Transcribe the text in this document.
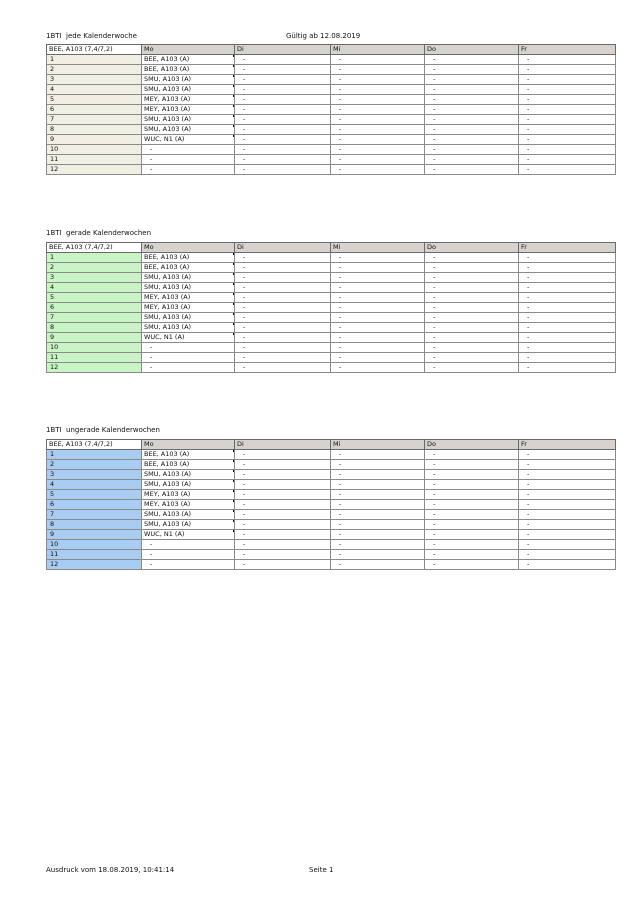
1BTI  jede Kalenderwoche	Gültig ab 12.08.2019
BEE, A103 (7,4/7,2)	Mo	Di	Mi	Do	Fr
1	BEE, A103 (A)	-	-	-	-
2	BEE, A103 (A)	-	-	-	-
3	SMU, A103 (A)	-	-	-	-
4	SMU, A103 (A)	-	-	-	-
5	MEY, A103 (A)	-	-	-	-
6	MEY, A103 (A)	-	-	-	-
7	SMU, A103 (A)	-	-	-	-
8	SMU, A103 (A)	-	-	-	-
9	WUC, N1 (A)	-	-	-	-
10	-	-	-	-	-
11	-	-	-	-	-
12	-	-	-	-	-
1BTI  gerade Kalenderwochen
BEE, A103 (7,4/7,2)	Mo	Di	Mi	Do	Fr
1	BEE, A103 (A)	-	-	-	-
2	BEE, A103 (A)	-	-	-	-
3	SMU, A103 (A)	-	-	-	-
4	SMU, A103 (A)	-	-	-	-
5	MEY, A103 (A)	-	-	-	-
6	MEY, A103 (A)	-	-	-	-
7	SMU, A103 (A)	-	-	-	-
8	SMU, A103 (A)	-	-	-	-
9	WUC, N1 (A)	-	-	-	-
10	-	-	-	-	-
11	-	-	-	-	-
12	-	-	-	-	-
1BTI  ungerade Kalenderwochen
BEE, A103 (7,4/7,2)	Mo	Di	Mi	Do	Fr
1	BEE, A103 (A)	-	-	-	-
2	BEE, A103 (A)	-	-	-	-
3	SMU, A103 (A)	-	-	-	-
4	SMU, A103 (A)	-	-	-	-
5	MEY, A103 (A)	-	-	-	-
6	MEY, A103 (A)	-	-	-	-
7	SMU, A103 (A)	-	-	-	-
8	SMU, A103 (A)	-	-	-	-
9	WUC, N1 (A)	-	-	-	-
10	-	-	-	-	-
11	-	-	-	-	-
12	-	-	-	-	-
Ausdruck vom 18.08.2019, 10:41:14	Seite 1
